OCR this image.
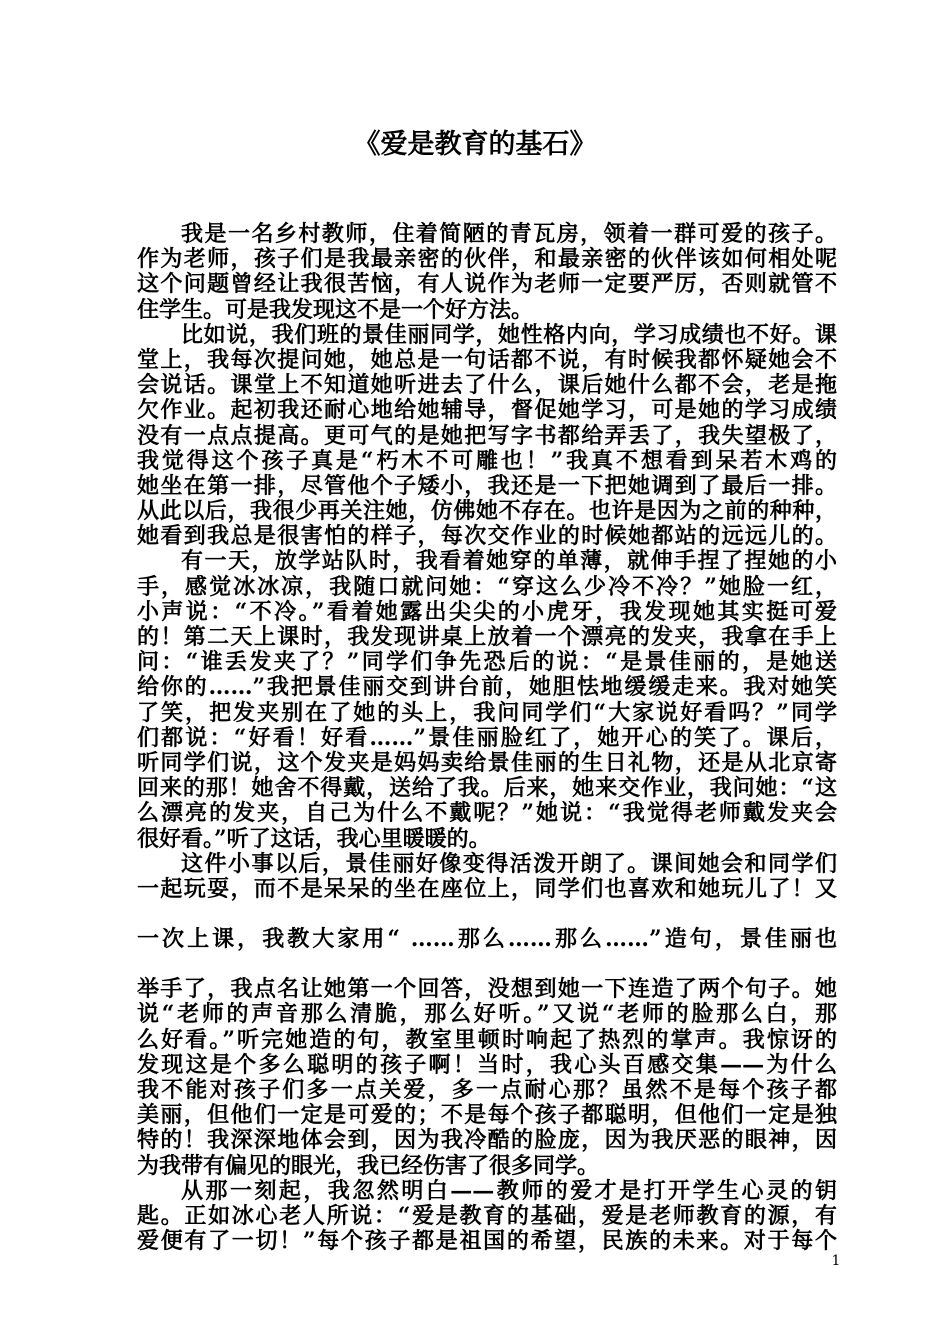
《爱是教育的基石》
我是一名乡村教师，住着简陋的青瓦房，领着一群可爱的孩子。
作为老师，孩子们是我最亲密的伙伴，和最亲密的伙伴该如何相处呢
这个问题曾经让我很苦恼，有人说作为老师一定要严厉，否则就管不
住学生。可是我发现这不是一个好方法。
比如说，我们班的景佳丽同学，她性格内向，学习成绩也不好。课
堂上，我每次提问她，她总是一句话都不说，有时候我都怀疑她会不
会说话。课堂上不知道她听进去了什么，课后她什么都不会，老是拖
欠作业。起初我还耐心地给她辅导，督促她学习，可是她的学习成绩
没有一点点提高。更可气的是她把写字书都给弄丢了，我失望极了，
我觉得这个孩子真是“朽木不可雕也！”我真不想看到呆若木鸡的
她坐在第一排，尽管他个子矮小，我还是一下把她调到了最后一排。
从此以后，我很少再关注她，仿佛她不存在。也许是因为之前的种种，
她看到我总是很害怕的样子，每次交作业的时候她都站的远远儿的。
有一天，放学站队时，我看着她穿的单薄，就伸手捏了捏她的小
手，感觉冰冰凉，我随口就问她：“穿这么少冷不冷？”她脸一红，
小声说：“不冷。”看着她露出尖尖的小虎牙，我发现她其实挺可爱
的！第二天上课时，我发现讲桌上放着一个漂亮的发夹，我拿在手上
问：“谁丢发夹了？”同学们争先恐后的说：“是景佳丽的，是她送
给你的……”我把景佳丽交到讲台前，她胆怯地缓缓走来。我对她笑
了笑，把发夹别在了她的头上，我问同学们“大家说好看吗？”同学
们都说：“好看！好看……”景佳丽脸红了，她开心的笑了。课后，
听同学们说，这个发夹是妈妈卖给景佳丽的生日礼物，还是从北京寄
回来的那！她舍不得戴，送给了我。后来，她来交作业，我问她：“这
么漂亮的发夹，自己为什么不戴呢？”她说：“我觉得老师戴发夹会
很好看。”听了这话，我心里暖暖的。
这件小事以后，景佳丽好像变得活泼开朗了。课间她会和同学们
一起玩耍，而不是呆呆的坐在座位上，同学们也喜欢和她玩儿了！又
一次上课，我教大家用“ ……那么……那么……”造句，景佳丽也
举手了，我点名让她第一个回答，没想到她一下连造了两个句子。她
说“老师的声音那么清脆，那么好听。”又说“老师的脸那么白，那
么好看。”听完她造的句，教室里顿时响起了热烈的掌声。我惊讶的
发现这是个多么聪明的孩子啊！当时，我心头百感交集——为什么
我不能对孩子们多一点关爱，多一点耐心那？虽然不是每个孩子都
美丽，但他们一定是可爱的；不是每个孩子都聪明，但他们一定是独
特的！我深深地体会到，因为我冷酷的脸庞，因为我厌恶的眼神，因
为我带有偏见的眼光，我已经伤害了很多同学。
从那一刻起，我忽然明白——教师的爱才是打开学生心灵的钥
匙。正如冰心老人所说：“爱是教育的基础，爱是老师教育的源，有
爱便有了一切！”每个孩子都是祖国的希望，民族的未来。对于每个
1
